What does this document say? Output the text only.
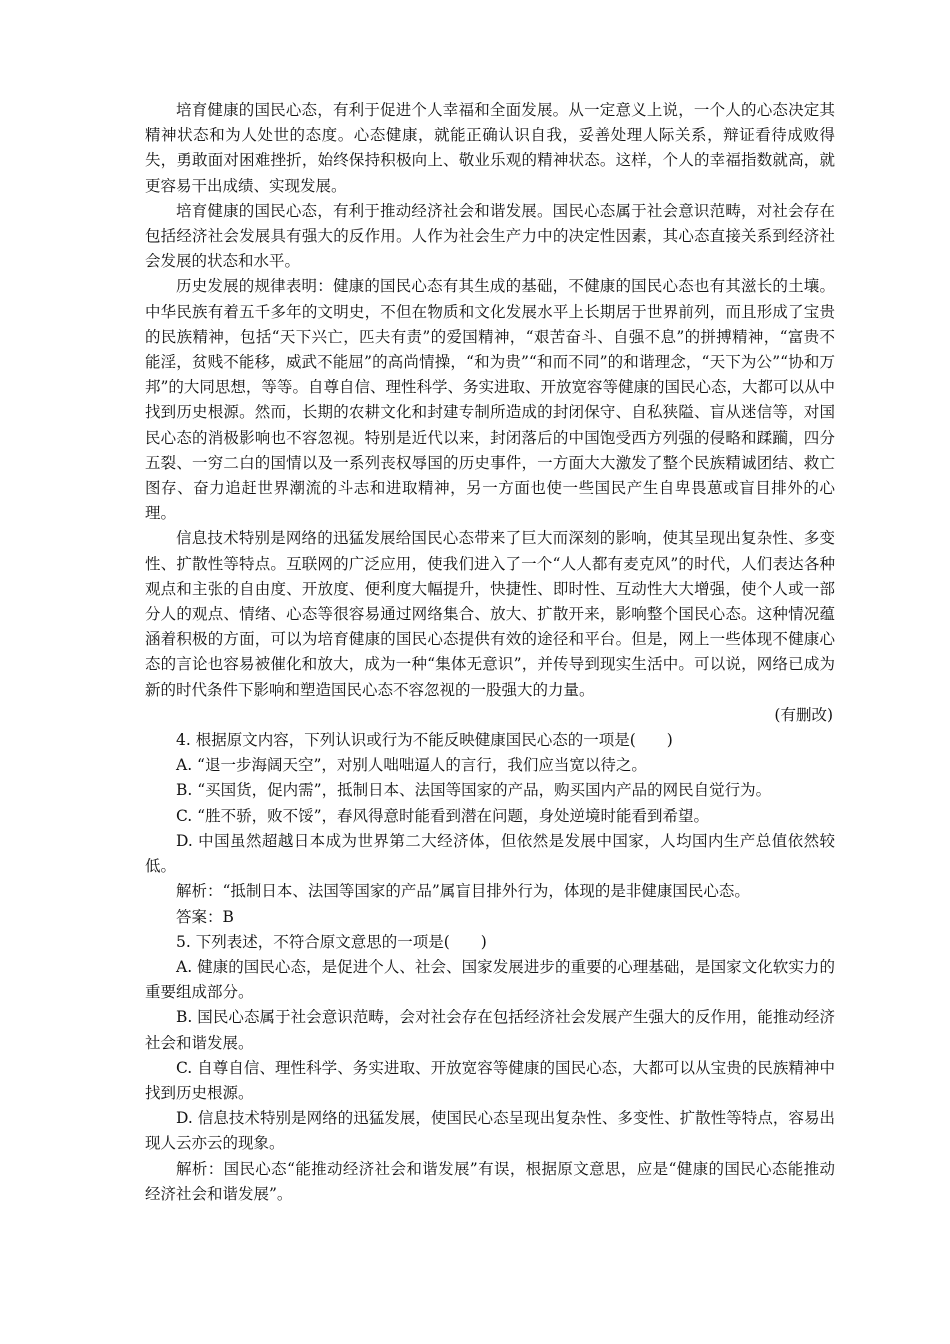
培育健康的国民心态，有利于促进个人幸福和全面发展。从一定意义上说，一个人的心态决定其精神状态和为人处世的态度。心态健康，就能正确认识自我，妥善处理人际关系，辩证看待成败得失，勇敢面对困难挫折，始终保持积极向上、敬业乐观的精神状态。这样，个人的幸福指数就高，就更容易干出成绩、实现发展。

培育健康的国民心态，有利于推动经济社会和谐发展。国民心态属于社会意识范畴，对社会存在包括经济社会发展具有强大的反作用。人作为社会生产力中的决定性因素，其心态直接关系到经济社会发展的状态和水平。

历史发展的规律表明：健康的国民心态有其生成的基础，不健康的国民心态也有其滋长的土壤。中华民族有着五千多年的文明史，不但在物质和文化发展水平上长期居于世界前列，而且形成了宝贵的民族精神，包括“天下兴亡，匹夫有责”的爱国精神，“艰苦奋斗、自强不息”的拼搏精神，“富贵不能淫，贫贱不能移，威武不能屈”的高尚情操，“和为贵”“和而不同”的和谐理念，“天下为公”“协和万邦”的大同思想，等等。自尊自信、理性科学、务实进取、开放宽容等健康的国民心态，大都可以从中找到历史根源。然而，长期的农耕文化和封建专制所造成的封闭保守、自私狭隘、盲从迷信等，对国民心态的消极影响也不容忽视。特别是近代以来，封闭落后的中国饱受西方列强的侵略和蹂躏，四分五裂、一穷二白的国情以及一系列丧权辱国的历史事件，一方面大大激发了整个民族精诚团结、救亡图存、奋力追赶世界潮流的斗志和进取精神，另一方面也使一些国民产生自卑畏葸或盲目排外的心理。

信息技术特别是网络的迅猛发展给国民心态带来了巨大而深刻的影响，使其呈现出复杂性、多变性、扩散性等特点。互联网的广泛应用，使我们进入了一个“人人都有麦克风”的时代，人们表达各种观点和主张的自由度、开放度、便利度大幅提升，快捷性、即时性、互动性大大增强，使个人或一部分人的观点、情绪、心态等很容易通过网络集合、放大、扩散开来，影响整个国民心态。这种情况蕴涵着积极的方面，可以为培育健康的国民心态提供有效的途径和平台。但是，网上一些体现不健康心态的言论也容易被催化和放大，成为一种“集体无意识”，并传导到现实生活中。可以说，网络已成为新的时代条件下影响和塑造国民心态不容忽视的一股强大的力量。

(有删改)

4. 根据原文内容，下列认识或行为不能反映健康国民心态的一项是(　　)

A. “退一步海阔天空”，对别人咄咄逼人的言行，我们应当宽以待之。

B. “买国货，促内需”，抵制日本、法国等国家的产品，购买国内产品的网民自觉行为。

C. “胜不骄，败不馁”，春风得意时能看到潜在问题，身处逆境时能看到希望。

D. 中国虽然超越日本成为世界第二大经济体，但依然是发展中国家，人均国内生产总值依然较低。

解析：“抵制日本、法国等国家的产品”属盲目排外行为，体现的是非健康国民心态。

答案：B

5. 下列表述，不符合原文意思的一项是(　　)

A. 健康的国民心态，是促进个人、社会、国家发展进步的重要的心理基础，是国家文化软实力的重要组成部分。

B. 国民心态属于社会意识范畴，会对社会存在包括经济社会发展产生强大的反作用，能推动经济社会和谐发展。

C. 自尊自信、理性科学、务实进取、开放宽容等健康的国民心态，大都可以从宝贵的民族精神中找到历史根源。

D. 信息技术特别是网络的迅猛发展，使国民心态呈现出复杂性、多变性、扩散性等特点，容易出现人云亦云的现象。

解析：国民心态“能推动经济社会和谐发展”有误，根据原文意思，应是“健康的国民心态能推动经济社会和谐发展”。
